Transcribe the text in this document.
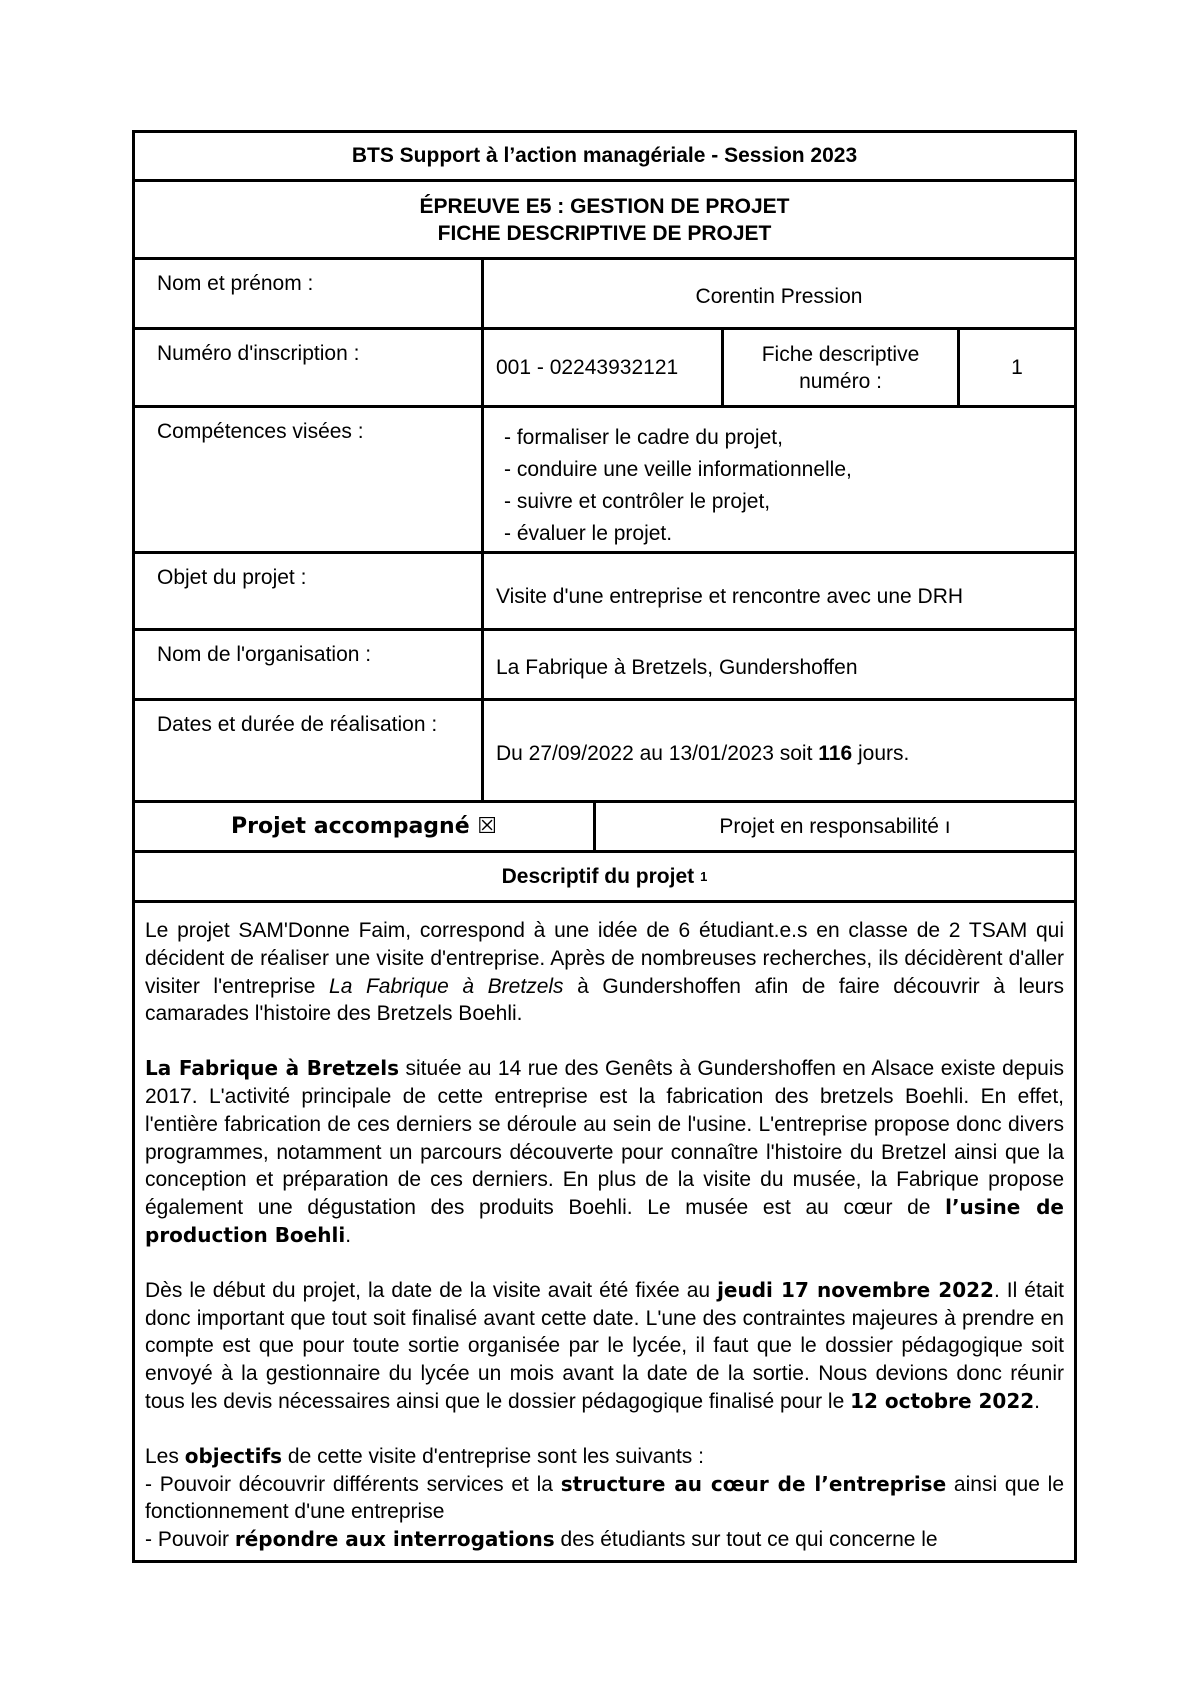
BTS Support à l’action managériale - Session 2023
ÉPREUVE E5 : GESTION DE PROJET
FICHE DESCRIPTIVE DE PROJET
Nom et prénom :
Corentin Pression
Numéro d'inscription :
001 - 02243932121
Fiche descriptive numéro :
1
Compétences visées :	- formaliser le cadre du projet,
- conduire une veille informationnelle,
- suivre et contrôler le projet,
- évaluer le projet.
Objet du projet :
Visite d'une entreprise et rencontre avec une DRH
Nom de l'organisation :
La Fabrique à Bretzels, Gundershoffen
Dates et durée de réalisation :
Du 27/09/2022 au 13/01/2023 soit 116 jours.
Projet accompagné ☒	Projet en responsabilité ı
Descriptif du projet 1

Le projet SAM'Donne Faim, correspond à une idée de 6 étudiant.e.s en classe de 2 TSAM qui décident de réaliser une visite d'entreprise. Après de nombreuses recherches, ils décidèrent d'aller visiter l'entreprise La Fabrique à Bretzels à Gundershoffen afin de faire découvrir à leurs camarades l'histoire des Bretzels Boehli.

La Fabrique à Bretzels située au 14 rue des Genêts à Gundershoffen en Alsace existe depuis 2017. L'activité principale de cette entreprise est la fabrication des bretzels Boehli. En effet, l'entière fabrication de ces derniers se déroule au sein de l'usine. L'entreprise propose donc divers programmes, notamment un parcours découverte pour connaître l'histoire du Bretzel ainsi que la conception et préparation de ces derniers. En plus de la visite du musée, la Fabrique propose également une dégustation des produits Boehli. Le musée est au cœur de l’usine de production Boehli.

Dès le début du projet, la date de la visite avait été fixée au jeudi 17 novembre 2022. Il était donc important que tout soit finalisé avant cette date. L'une des contraintes majeures à prendre en compte est que pour toute sortie organisée par le lycée, il faut que le dossier pédagogique soit envoyé à la gestionnaire du lycée un mois avant la date de la sortie. Nous devions donc réunir tous les devis nécessaires ainsi que le dossier pédagogique finalisé pour le 12 octobre 2022.

Les objectifs de cette visite d'entreprise sont les suivants :
- Pouvoir découvrir différents services et la structure au cœur de l’entreprise ainsi que le fonctionnement d'une entreprise
- Pouvoir répondre aux interrogations des étudiants sur tout ce qui concerne le
